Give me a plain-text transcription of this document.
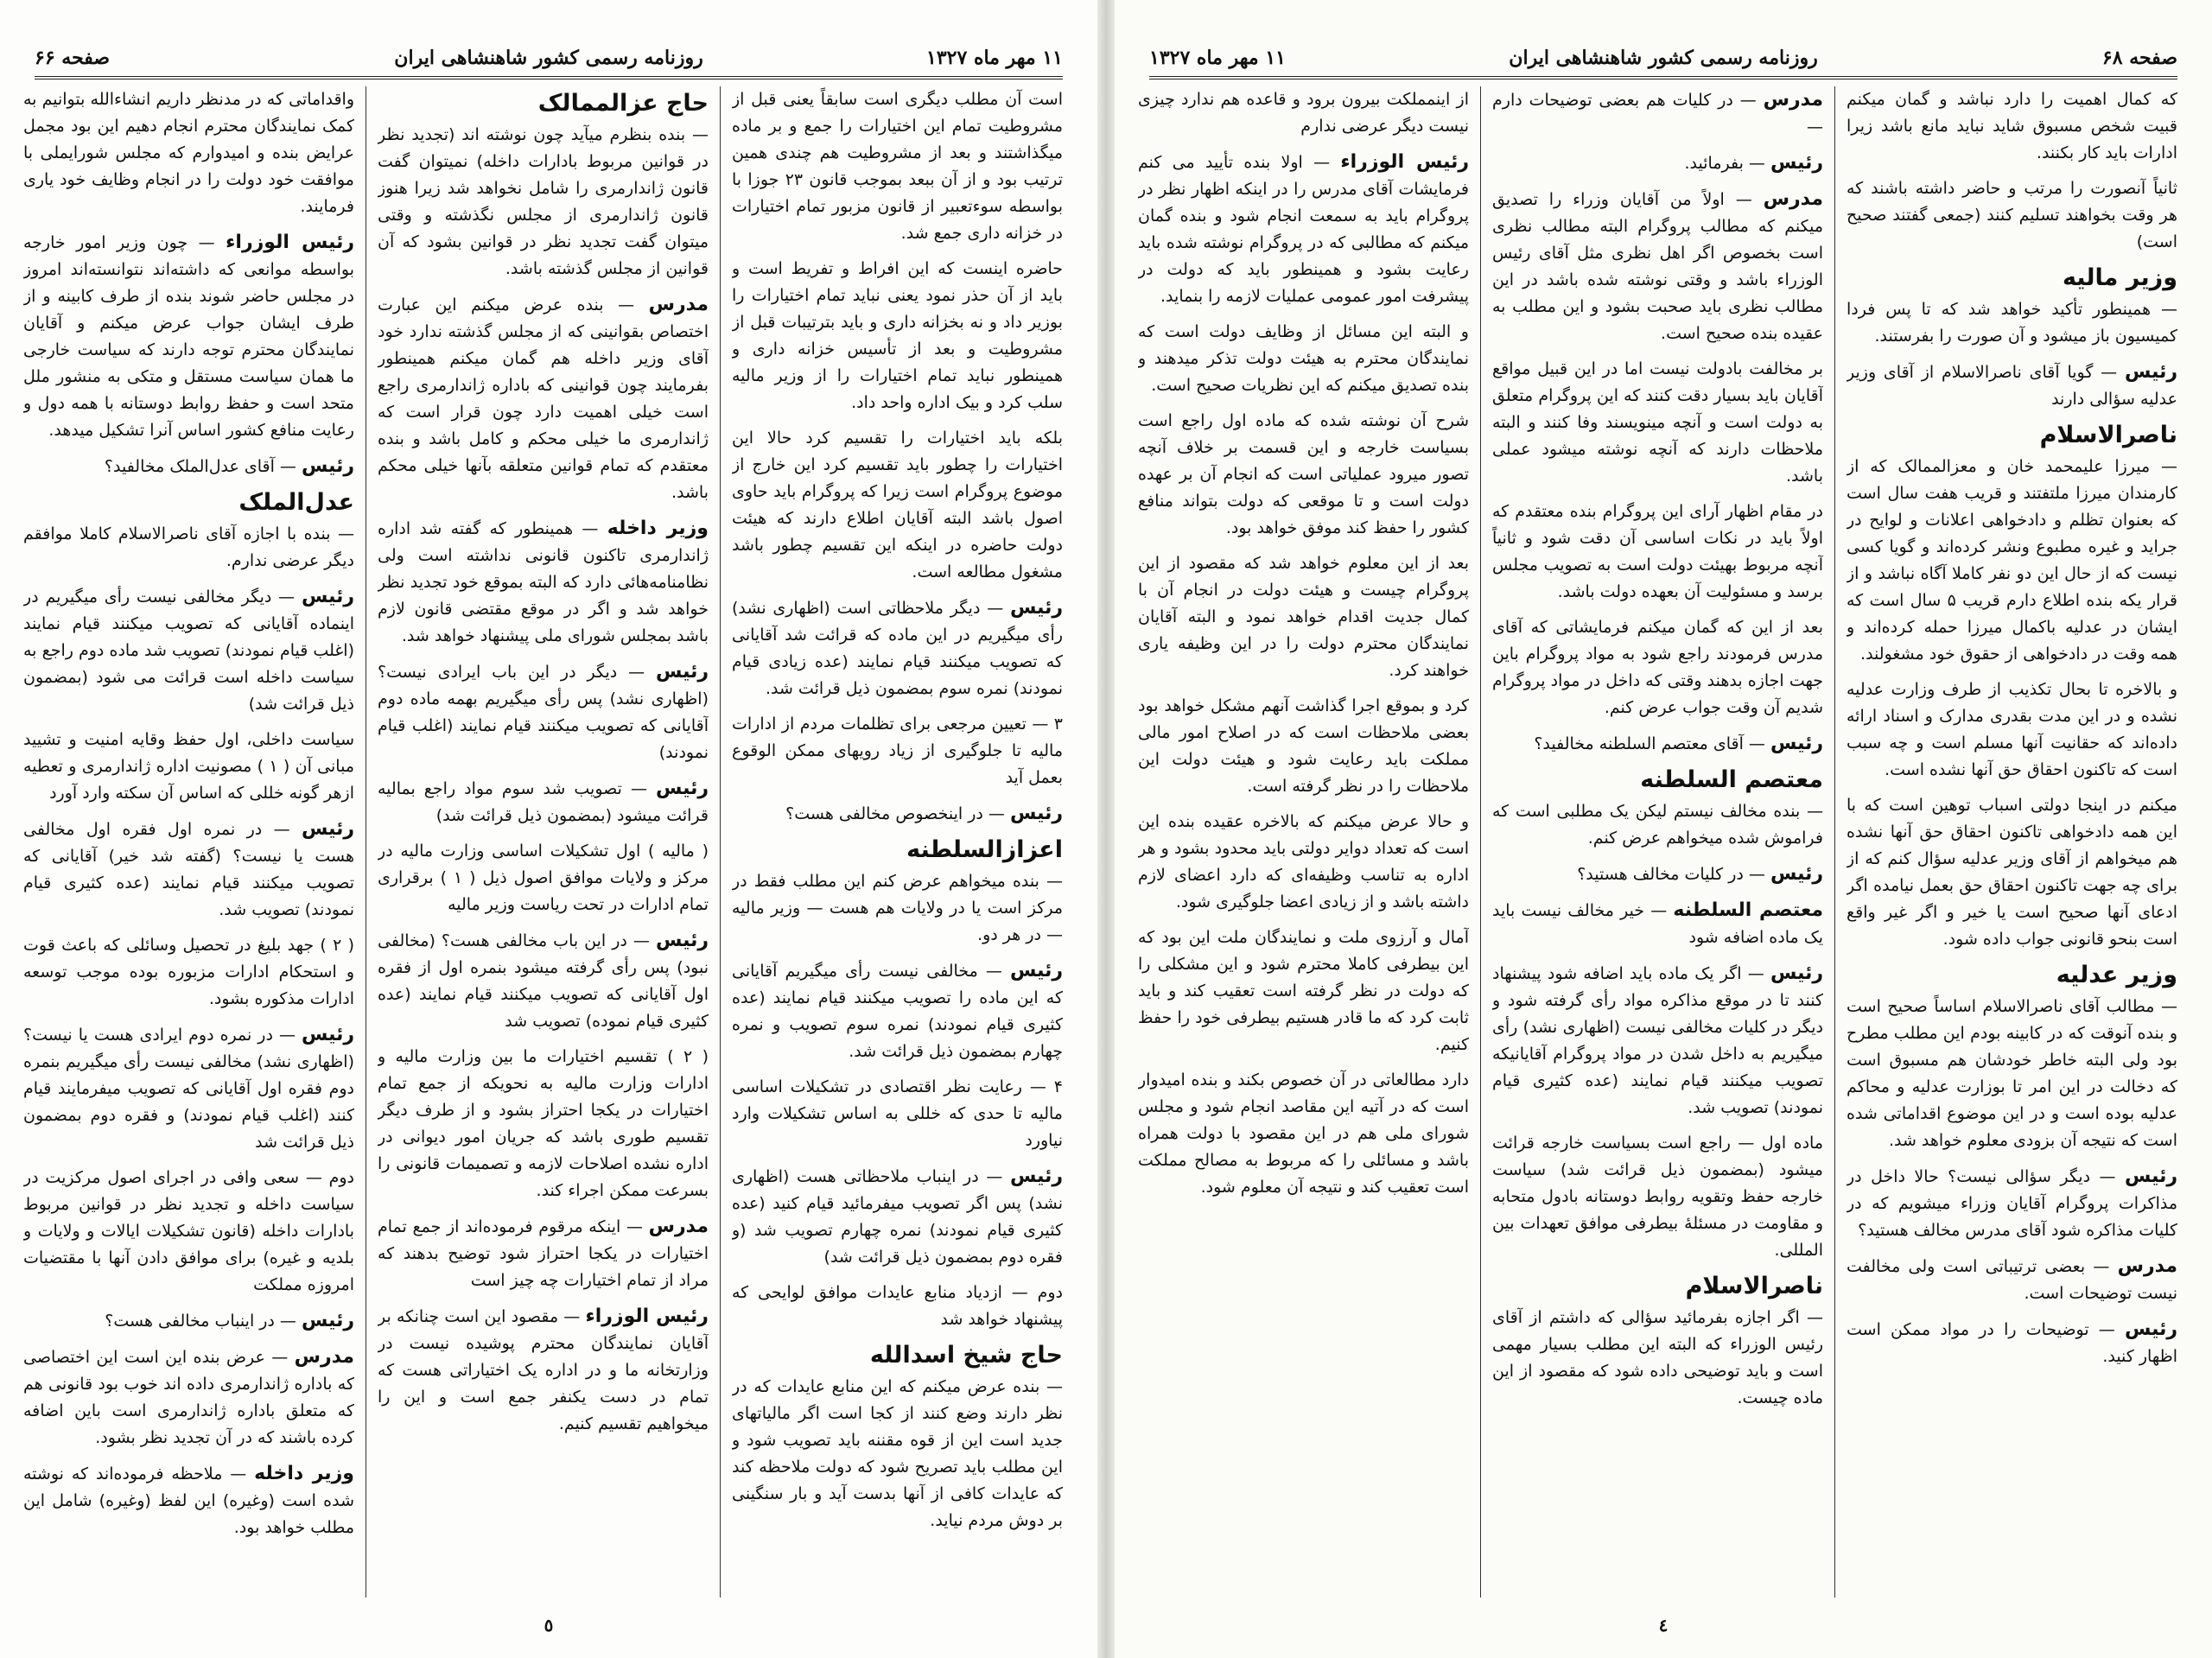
۱۱ مهر ماه ۱۳۲۷
روزنامه رسمی کشور شاهنشاهی ایران
صفحه ۶۶

است آن مطلب دیگری است سابقاً یعنی قبل از مشروطیت تمام این اختیارات را جمع و بر ماده میگذاشتند و بعد از مشروطیت هم چندی همین ترتیب بود و از آن ببعد بموجب قانون ۲۳ جوزا با بواسطه سوءتعبیر از قانون مزبور تمام اختیارات در خزانه داری جمع شد.

حاضره اینست که این افراط و تفریط است و باید از آن حذر نمود یعنی نباید تمام اختیارات را بوزیر داد و نه بخزانه داری و باید بترتیبات قبل از مشروطیت و بعد از تأسیس خزانه داری و همینطور نباید تمام اختیارات را از وزیر مالیه سلب کرد و بیک اداره واحد داد.

بلکه باید اختیارات را تقسیم کرد حالا این اختیارات را چطور باید تقسیم کرد این خارج از موضوع پروگرام است زیرا که پروگرام باید حاوی اصول باشد البته آقایان اطلاع دارند که هیئت دولت حاضره در اینکه این تقسیم چطور باشد مشغول مطالعه است.

رئیس — دیگر ملاحظاتی است (اظهاری نشد) رأی میگیریم در این ماده که قرائت شد آقایانی که تصویب میکنند قیام نمایند (عده زیادی قیام نمودند) نمره سوم بمضمون ذیل قرائت شد.

۳ — تعیین مرجعی برای تظلمات مردم از ادارات مالیه تا جلوگیری از زیاد رویهای ممکن الوقوع بعمل آید

رئیس — در اینخصوص مخالفی هست؟

اعزازالسلطنه

— بنده میخواهم عرض کنم این مطلب فقط در مرکز است یا در ولایات هم هست — وزیر مالیه — در هر دو.

رئیس — مخالفی نیست رأی میگیریم آقایانی که این ماده را تصویب میکنند قیام نمایند (عده کثیری قیام نمودند) نمره سوم تصویب و نمره چهارم بمضمون ذیل قرائت شد.

۴ — رعایت نظر اقتصادی در تشکیلات اساسی مالیه تا حدی که خللی به اساس تشکیلات وارد نیاورد

رئیس — در اینباب ملاحظاتی هست (اظهاری نشد) پس اگر تصویب میفرمائید قیام کنید (عده کثیری قیام نمودند) نمره چهارم تصویب شد (و فقره دوم بمضمون ذیل قرائت شد)

دوم — ازدیاد منابع عایدات موافق لوایحی که پیشنهاد خواهد شد

حاج شیخ اسدالله

— بنده عرض میکنم که این منابع عایدات که در نظر دارند وضع کنند از کجا است اگر مالیاتهای جدید است این از قوه مقننه باید تصویب شود و این مطلب باید تصریح شود که دولت ملاحظه کند که عایدات کافی از آنها بدست آید و بار سنگینی بر دوش مردم نیاید.

حاج عزالممالک

— بنده بنظرم میآید چون نوشته اند (تجدید نظر در قوانین مربوط بادارات داخله) نمیتوان گفت قانون ژاندارمری را شامل نخواهد شد زیرا هنوز قانون ژاندارمری از مجلس نگذشته و وقتی میتوان گفت تجدید نظر در قوانین بشود که آن قوانین از مجلس گذشته باشد.

مدرس — بنده عرض میکنم این عبارت اختصاص بقوانینی که از مجلس گذشته ندارد خود آقای وزیر داخله هم گمان میکنم همینطور بفرمایند چون قوانینی که باداره ژاندارمری راجع است خیلی اهمیت دارد چون قرار است که ژاندارمری ما خیلی محکم و کامل باشد و بنده معتقدم که تمام قوانین متعلقه بآنها خیلی محکم باشد.

وزیر داخله — همینطور که گفته شد اداره ژاندارمری تاکنون قانونی نداشته است ولی نظامنامه‌هائی دارد که البته بموقع خود تجدید نظر خواهد شد و اگر در موقع مقتضی قانون لازم باشد بمجلس شورای ملی پیشنهاد خواهد شد.

رئیس — دیگر در این باب ایرادی نیست؟ (اظهاری نشد) پس رأی میگیریم بهمه ماده دوم آقایانی که تصویب میکنند قیام نمایند (اغلب قیام نمودند)

رئیس — تصویب شد سوم مواد راجع بمالیه قرائت میشود (بمضمون ذیل قرائت شد)

( مالیه ) اول تشکیلات اساسی وزارت مالیه در مرکز و ولایات موافق اصول ذیل ( ۱ ) برقراری تمام ادارات در تحت ریاست وزیر مالیه

رئیس — در این باب مخالفی هست؟ (مخالفی نبود) پس رأی گرفته میشود بنمره اول از فقره اول آقایانی که تصویب میکنند قیام نمایند (عده کثیری قیام نموده) تصویب شد

( ۲ ) تقسیم اختیارات ما بین وزارت مالیه و ادارات وزارت مالیه به نحویکه از جمع تمام اختیارات در یکجا احتراز بشود و از طرف دیگر تقسیم طوری باشد که جریان امور دیوانی در اداره نشده اصلاحات لازمه و تصمیمات قانونی را بسرعت ممکن اجراء کند.

مدرس — اینکه مرقوم فرموده‌اند از جمع تمام اختیارات در یکجا احتراز شود توضیح بدهند که مراد از تمام اختیارات چه چیز است

رئیس الوزراء — مقصود این است چنانکه بر آقایان نمایندگان محترم پوشیده نیست در وزارتخانه ما و در اداره یک اختیاراتی هست که تمام در دست یکنفر جمع است و این را میخواهیم تقسیم کنیم.

واقداماتی که در مدنظر داریم انشاءالله بتوانیم به کمک نمایندگان محترم انجام دهیم این بود مجمل عرایض بنده و امیدوارم که مجلس شورایملی با موافقت خود دولت را در انجام وظایف خود یاری فرمایند.

رئیس الوزراء — چون وزیر امور خارجه بواسطه موانعی که داشته‌اند نتوانسته‌اند امروز در مجلس حاضر شوند بنده از طرف کابینه و از طرف ایشان جواب عرض میکنم و آقایان نمایندگان محترم توجه دارند که سیاست خارجی ما همان سیاست مستقل و متکی به منشور ملل متحد است و حفظ روابط دوستانه با همه دول و رعایت منافع کشور اساس آنرا تشکیل میدهد.

رئیس — آقای عدل‌الملک مخالفید؟

عدل‌الملک

— بنده با اجازه آقای ناصرالاسلام کاملا موافقم دیگر عرضی ندارم.

رئیس — دیگر مخالفی نیست رأی میگیریم در اینماده آقایانی که تصویب میکنند قیام نمایند (اغلب قیام نمودند) تصویب شد ماده دوم راجع به سیاست داخله است قرائت می شود (بمضمون ذیل قرائت شد)

سیاست داخلی، اول حفظ وقایه امنیت و تشیید مبانی آن ( ۱ ) مصونیت اداره ژاندارمری و تعطیه ازهر گونه خللی که اساس آن سکته وارد آورد

رئیس — در نمره اول فقره اول مخالفی هست یا نیست؟ (گفته شد خیر) آقایانی که تصویب میکنند قیام نمایند (عده کثیری قیام نمودند) تصویب شد.

( ۲ ) جهد بلیغ در تحصیل وسائلی که باعث قوت و استحکام ادارات مزبوره بوده موجب توسعه ادارات مذکوره بشود.

رئیس — در نمره دوم ایرادی هست یا نیست؟ (اظهاری نشد) مخالفی نیست رأی میگیریم بنمره دوم فقره اول آقایانی که تصویب میفرمایند قیام کنند (اغلب قیام نمودند) و فقره دوم بمضمون ذیل قرائت شد

دوم — سعی وافی در اجرای اصول مرکزیت در سیاست داخله و تجدید نظر در قوانین مربوط بادارات داخله (قانون تشکیلات ایالات و ولایات و بلدیه و غیره) برای موافق دادن آنها با مقتضیات امروزه مملکت

رئیس — در اینباب مخالفی هست؟

مدرس — عرض بنده این است این اختصاصی که باداره ژاندارمری داده اند خوب بود قانونی هم که متعلق باداره ژاندارمری است باین اضافه کرده باشند که در آن تجدید نظر بشود.

وزیر داخله — ملاحظه فرموده‌اند که نوشته شده است (وغیره) این لفظ (وغیره) شامل این مطلب خواهد بود.

٥
صفحه ۶۸
روزنامه رسمی کشور شاهنشاهی ایران
۱۱ مهر ماه ۱۳۲۷

که کمال اهمیت را دارد نباشد و گمان میکنم قبیت شخص مسبوق شاید نباید مانع باشد زیرا ادارات باید کار بکنند.

ثانیاً آنصورت را مرتب و حاضر داشته باشند که هر وقت بخواهند تسلیم کنند (جمعی گفتند صحیح است)

وزیر مالیه

— همینطور تأکید خواهد شد که تا پس فردا کمیسیون باز میشود و آن صورت را بفرستند.

رئیس — گویا آقای ناصرالاسلام از آقای وزیر عدلیه سؤالی دارند

ناصرالاسلام

— میرزا علیمحمد خان و معزالممالک که از کارمندان میرزا ملتفتند و قریب هفت سال است که بعنوان تظلم و دادخواهی اعلانات و لوایح در جراید و غیره مطبوع ونشر کرده‌اند و گویا کسی نیست که از حال این دو نفر کاملا آگاه نباشد و از قرار یکه بنده اطلاع دارم قریب ۵ سال است که ایشان در عدلیه باکمال میرزا حمله کرده‌اند و همه وقت در دادخواهی از حقوق خود مشغولند.

و بالاخره تا بحال تکذیب از طرف وزارت عدلیه نشده و در این مدت بقدری مدارک و اسناد ارائه داده‌اند که حقانیت آنها مسلم است و چه سبب است که تاکنون احقاق حق آنها نشده است.

میکنم در اینجا دولتی اسباب توهین است که با این همه دادخواهی تاکنون احقاق حق آنها نشده هم میخواهم از آقای وزیر عدلیه سؤال کنم که از برای چه جهت تاکنون احقاق حق بعمل نیامده اگر ادعای آنها صحیح است یا خیر و اگر غیر واقع است بنحو قانونی جواب داده شود.

وزیر عدلیه

— مطالب آقای ناصرالاسلام اساساً صحیح است و بنده آنوقت که در کابینه بودم این مطلب مطرح بود ولی البته خاطر خودشان هم مسبوق است که دخالت در این امر تا بوزارت عدلیه و محاکم عدلیه بوده است و در این موضوع اقداماتی شده است که نتیجه آن بزودی معلوم خواهد شد.

رئیس — دیگر سؤالی نیست؟ حالا داخل در مذاکرات پروگرام آقایان وزراء میشویم که در کلیات مذاکره شود آقای مدرس مخالف هستید؟

مدرس — بعضی ترتیباتی است ولی مخالفت نیست توضیحات است.

رئیس — توضیحات را در مواد ممکن است اظهار کنید.

مدرس — در کلیات هم بعضی توضیحات دارم —

رئیس — بفرمائید.

مدرس — اولاً من آقایان وزراء را تصدیق میکنم که مطالب پروگرام البته مطالب نظری است بخصوص اگر اهل نظری مثل آقای رئیس الوزراء باشد و وقتی نوشته شده باشد در این مطالب نظری باید صحبت بشود و این مطلب به عقیده بنده صحیح است.

بر مخالفت بادولت نیست اما در این قبیل مواقع آقایان باید بسیار دقت کنند که این پروگرام متعلق به دولت است و آنچه مینویسند وفا کنند و البته ملاحظات دارند که آنچه نوشته میشود عملی باشد.

در مقام اظهار آرای این پروگرام بنده معتقدم که اولاً باید در نکات اساسی آن دقت شود و ثانیاً آنچه مربوط بهیئت دولت است به تصویب مجلس برسد و مسئولیت آن بعهده دولت باشد.

بعد از این که گمان میکنم فرمایشاتی که آقای مدرس فرمودند راجع شود به مواد پروگرام باین جهت اجازه بدهند وقتی که داخل در مواد پروگرام شدیم آن وقت جواب عرض کنم.

رئیس — آقای معتصم السلطنه مخالفید؟

معتصم السلطنه

— بنده مخالف نیستم لیکن یک مطلبی است که فراموش شده میخواهم عرض کنم.

رئیس — در کلیات مخالف هستید؟

معتصم السلطنه — خیر مخالف نیست باید یک ماده اضافه شود

رئیس — اگر یک ماده باید اضافه شود پیشنهاد کنند تا در موقع مذاکره مواد رأی گرفته شود و دیگر در کلیات مخالفی نیست (اظهاری نشد) رأی میگیریم به داخل شدن در مواد پروگرام آقایانیکه تصویب میکنند قیام نمایند (عده کثیری قیام نمودند) تصویب شد.

ماده اول — راجع است بسیاست خارجه قرائت میشود (بمضمون ذیل قرائت شد) سیاست خارجه حفظ وتقویه روابط دوستانه بادول متحابه و مقاومت در مسئلۀ بیطرفی موافق تعهدات بین المللی.

ناصرالاسلام

— اگر اجازه بفرمائید سؤالی که داشتم از آقای رئیس الوزراء که البته این مطلب بسیار مهمی است و باید توضیحی داده شود که مقصود از این ماده چیست.

از اینمملکت بیرون برود و قاعده هم ندارد چیزی نیست دیگر عرضی ندارم

رئیس الوزراء — اولا بنده تأیید می کنم فرمایشات آقای مدرس را در اینکه اظهار نظر در پروگرام باید به سمعت انجام شود و بنده گمان میکنم که مطالبی که در پروگرام نوشته شده باید رعایت بشود و همینطور باید که دولت در پیشرفت امور عمومی عملیات لازمه را بنماید.

و البته این مسائل از وظایف دولت است که نمایندگان محترم به هیئت دولت تذکر میدهند و بنده تصدیق میکنم که این نظریات صحیح است.

شرح آن نوشته شده که ماده اول راجع است بسیاست خارجه و این قسمت بر خلاف آنچه تصور میرود عملیاتی است که انجام آن بر عهده دولت است و تا موقعی که دولت بتواند منافع کشور را حفظ کند موفق خواهد بود.

بعد از این معلوم خواهد شد که مقصود از این پروگرام چیست و هیئت دولت در انجام آن با کمال جدیت اقدام خواهد نمود و البته آقایان نمایندگان محترم دولت را در این وظیفه یاری خواهند کرد.

کرد و بموقع اجرا گذاشت آنهم مشکل خواهد بود بعضی ملاحظات است که در اصلاح امور مالی مملکت باید رعایت شود و هیئت دولت این ملاحظات را در نظر گرفته است.

و حالا عرض میکنم که بالاخره عقیده بنده این است که تعداد دوایر دولتی باید محدود بشود و هر اداره به تناسب وظیفه‌ای که دارد اعضای لازم داشته باشد و از زیادی اعضا جلوگیری شود.

آمال و آرزوی ملت و نمایندگان ملت این بود که این بیطرفی کاملا محترم شود و این مشکلی را که دولت در نظر گرفته است تعقیب کند و باید ثابت کرد که ما قادر هستیم بیطرفی خود را حفظ کنیم.

دارد مطالعاتی در آن خصوص بکند و بنده امیدوار است که در آتیه این مقاصد انجام شود و مجلس شورای ملی هم در این مقصود با دولت همراه باشد و مسائلی را که مربوط به مصالح مملکت است تعقیب کند و نتیجه آن معلوم شود.

٤
